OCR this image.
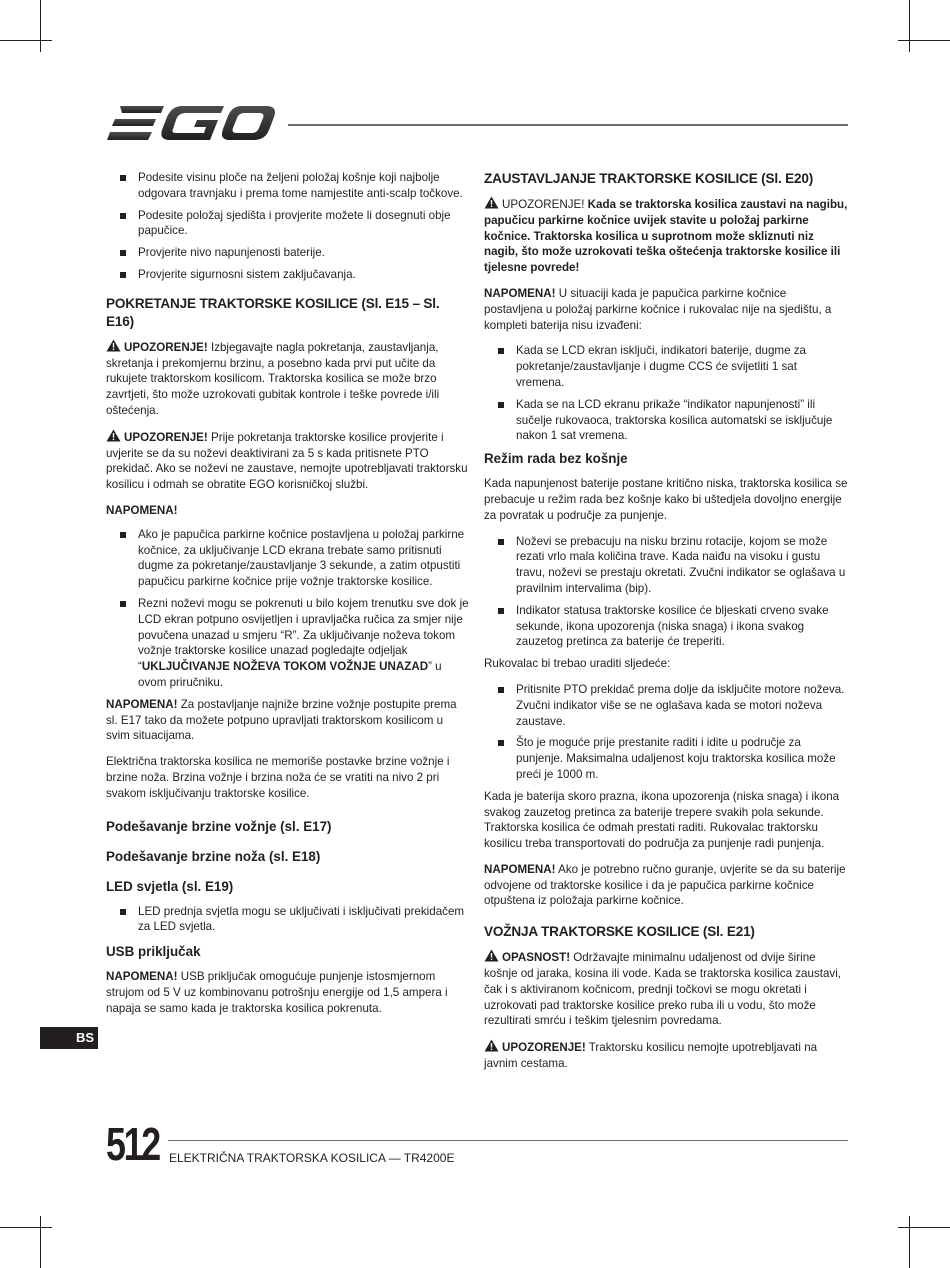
Podesite visinu ploče na željeni položaj košnje koji najbolje odgovara travnjaku i prema tome namjestite anti-scalp točkove.
Podesite položaj sjedišta i provjerite možete li dosegnuti obje papučice.
Provjerite nivo napunjenosti baterije.
Provjerite sigurnosni sistem zaključavanja.
POKRETANJE TRAKTORSKE KOSILICE (Sl. E15 – Sl. E16)

UPOZORENJE! Izbjegavajte nagla pokretanja, zaustavljanja, skretanja i prekomjernu brzinu, a posebno kada prvi put učite da rukujete traktorskom kosilicom. Traktorska kosilica se može brzo zavrtjeti, što može uzrokovati gubitak kontrole i teške povrede i/ili oštećenja.

UPOZORENJE! Prije pokretanja traktorske kosilice provjerite i uvjerite se da su noževi deaktivirani za 5 s kada pritisnete PTO prekidač. Ako se noževi ne zaustave, nemojte upotrebljavati traktorsku kosilicu i odmah se obratite EGO korisničkoj službi.

NAPOMENA!

Ako je papučica parkirne kočnice postavljena u položaj parkirne kočnice, za uključivanje LCD ekrana trebate samo pritisnuti dugme za pokretanje/zaustavljanje 3 sekunde, a zatim otpustiti papučicu parkirne kočnice prije vožnje traktorske kosilice.
Rezni noževi mogu se pokrenuti u bilo kojem trenutku sve dok je LCD ekran potpuno osvijetljen i upravljačka ručica za smjer nije povučena unazad u smjeru “R”. Za uključivanje noževa tokom vožnje traktorske kosilice unazad pogledajte odjeljak “UKLJUČIVANJE NOŽEVA TOKOM VOŽNJE UNAZAD” u ovom priručniku.

NAPOMENA! Za postavljanje najniže brzine vožnje postupite prema sl. E17 tako da možete potpuno upravljati traktorskom kosilicom u svim situacijama.

Električna traktorska kosilica ne memoriše postavke brzine vožnje i brzine noža. Brzina vožnje i brzina noža će se vratiti na nivo 2 pri svakom isključivanju traktorske kosilice.

Podešavanje brzine vožnje (sl. E17)
Podešavanje brzine noža (sl. E18)
LED svjetla (sl. E19)
LED prednja svjetla mogu se uključivati i isključivati prekidačem za LED svjetla.
USB priključak

NAPOMENA! USB priključak omogućuje punjenje istosmjernom strujom od 5 V uz kombinovanu potrošnju energije od 1,5 ampera i napaja se samo kada je traktorska kosilica pokrenuta.

ZAUSTAVLJANJE TRAKTORSKE KOSILICE (Sl. E20)

UPOZORENJE! Kada se traktorska kosilica zaustavi na nagibu, papučicu parkirne kočnice uvijek stavite u položaj parkirne kočnice. Traktorska kosilica u suprotnom može skliznuti niz nagib, što može uzrokovati teška oštećenja traktorske kosilice ili tjelesne povrede!

NAPOMENA! U situaciji kada je papučica parkirne kočnice postavljena u položaj parkirne kočnice i rukovalac nije na sjedištu, a kompleti baterija nisu izvađeni:

Kada se LCD ekran isključi, indikatori baterije, dugme za pokretanje/zaustavljanje i dugme CCS će svijetliti 1 sat vremena.
Kada se na LCD ekranu prikaže “indikator napunjenosti” ili sučelje rukovaoca, traktorska kosilica automatski se isključuje nakon 1 sat vremena.
Režim rada bez košnje

Kada napunjenost baterije postane kritično niska, traktorska kosilica se prebacuje u režim rada bez košnje kako bi uštedjela dovoljno energije za povratak u područje za punjenje.

Noževi se prebacuju na nisku brzinu rotacije, kojom se može rezati vrlo mala količina trave. Kada naiđu na visoku i gustu travu, noževi se prestaju okretati. Zvučni indikator se oglašava u pravilnim intervalima (bip).
Indikator statusa traktorske kosilice će bljeskati crveno svake sekunde, ikona upozorenja (niska snaga) i ikona svakog zauzetog pretinca za baterije će treperiti.

Rukovalac bi trebao uraditi sljedeće:

Pritisnite PTO prekidač prema dolje da isključite motore noževa. Zvučni indikator više se ne oglašava kada se motori noževa zaustave.
Što je moguće prije prestanite raditi i idite u područje za punjenje. Maksimalna udaljenost koju traktorska kosilica može preći je 1000 m.

Kada je baterija skoro prazna, ikona upozorenja (niska snaga) i ikona svakog zauzetog pretinca za baterije trepere svakih pola sekunde. Traktorska kosilica će odmah prestati raditi. Rukovalac traktorsku kosilicu treba transportovati do područja za punjenje radi punjenja.

NAPOMENA! Ako je potrebno ručno guranje, uvjerite se da su baterije odvojene od traktorske kosilice i da je papučica parkirne kočnice otpuštena iz položaja parkirne kočnice.

VOŽNJA TRAKTORSKE KOSILICE (Sl. E21)

OPASNOST! Održavajte minimalnu udaljenost od dvije širine košnje od jaraka, kosina ili vode. Kada se traktorska kosilica zaustavi, čak i s aktiviranom kočnicom, prednji točkovi se mogu okretati i uzrokovati pad traktorske kosilice preko ruba ili u vodu, što može rezultirati smrću i teškim tjelesnim povredama.

UPOZORENJE! Traktorsku kosilicu nemojte upotrebljavati na javnim cestama.

BS
512 ELEKTRIČNA TRAKTORSKA KOSILICA — TR4200E
